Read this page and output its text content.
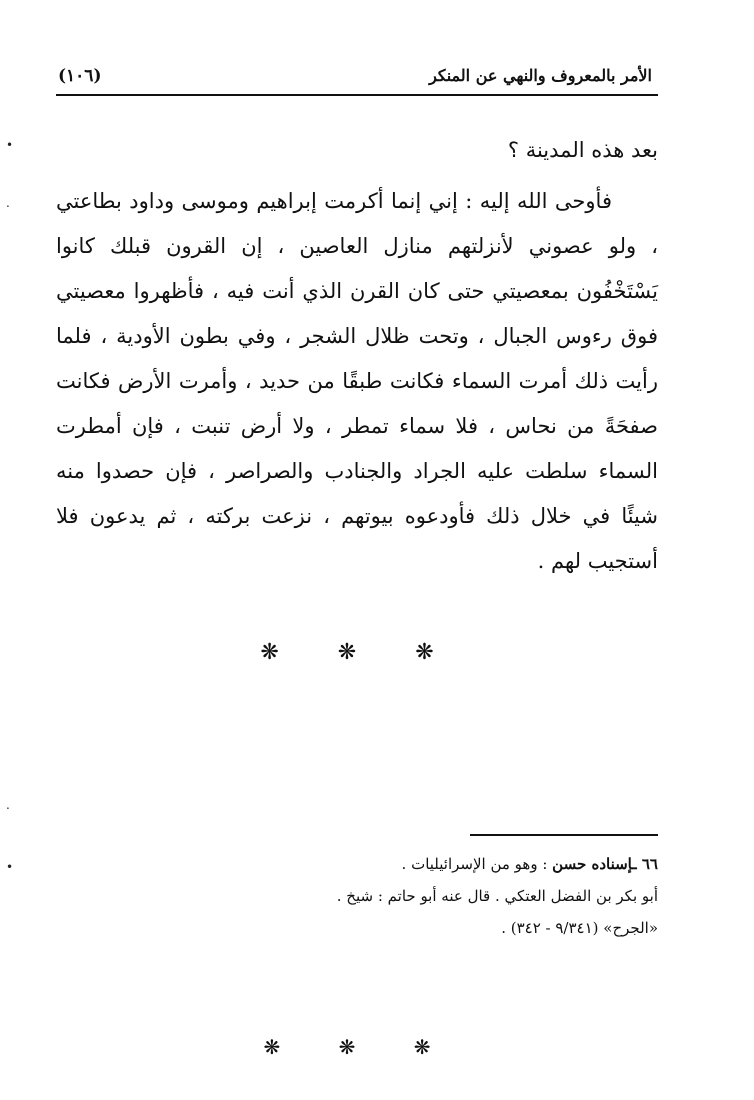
الأمر بالمعروف والنهي عن المنكر
(١٠٦)
•
.
.
•

بعد هذه المدينة ؟

فأوحى الله إليه : إني إنما أكرمت إبراهيم وموسى وداود بطاعتي ، ولو عصوني لأنزلتهم منازل العاصين ، إن القرون قبلك كانوا يَسْتَخْفُون بمعصيتي حتى كان القرن الذي أنت فيه ، فأظهروا معصيتي فوق رءوس الجبال ، وتحت ظلال الشجر ، وفي بطون الأودية ، فلما رأيت ذلك أمرت السماء فكانت طبقًا من حديد ، وأمرت الأرض فكانت صفحَةً من نحاس ، فلا سماء تمطر ، ولا أرض تنبت ، فإن أمطرت السماء سلطت عليه الجراد والجنادب والصراصر ، فإن حصدوا منه شيئًا في خلال ذلك فأودعوه بيوتهم ، نزعت بركته ، ثم يدعون فلا أستجيب لهم .

❋ ❋ ❋

٦٦ ـإسناده حسن : وهو من الإسرائيليات .

أبو بكر بن الفضل العتكي . قال عنه أبو حاتم : شيخ .

«الجرح» (٩/٣٤١ - ٣٤٢) .

❋ ❋ ❋
